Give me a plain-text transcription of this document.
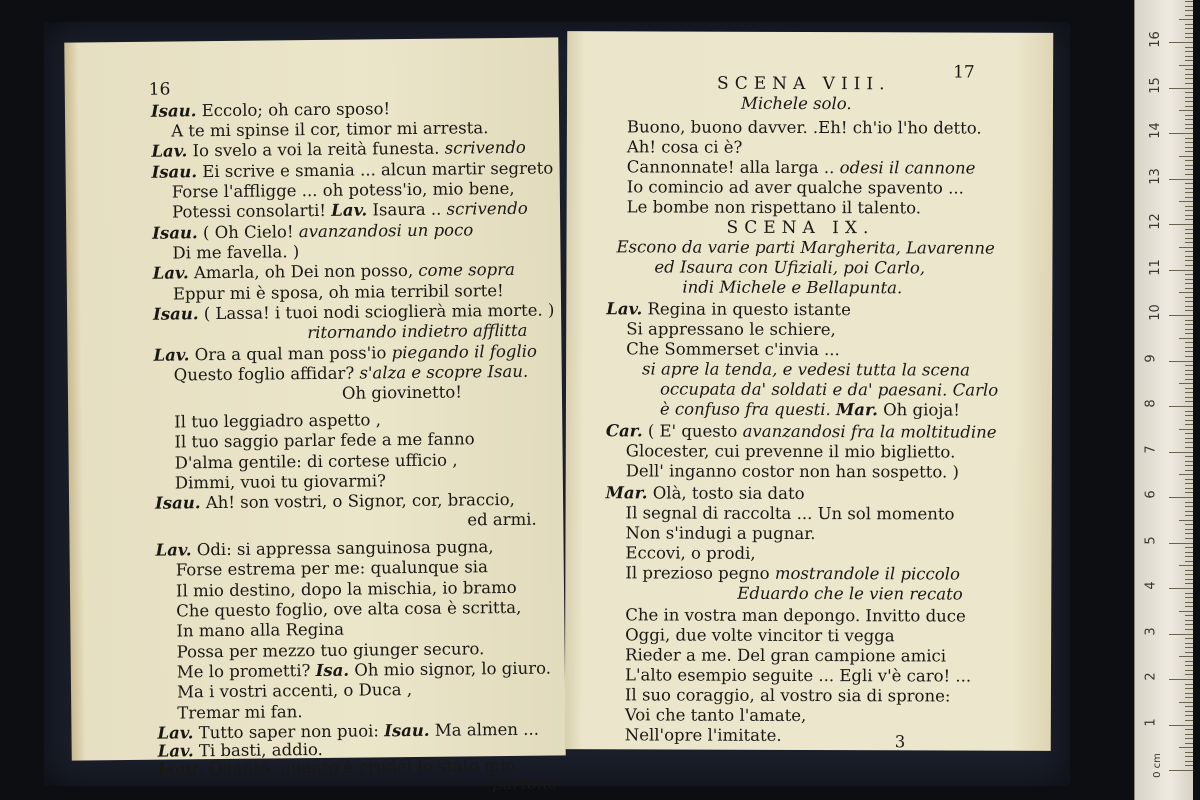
16
Isau. Eccolo; oh caro sposo!
A te mi spinse il cor, timor mi arresta.
Lav. Io svelo a voi la reità funesta. scrivendo
Isau. Ei scrive e smania ... alcun martir segreto
Forse l'affligge ... oh potess'io, mio bene,
Potessi consolarti! Lav. Isaura .. scrivendo
Isau. ( Oh Cielo! avanzandosi un poco
Di me favella. )
Lav. Amarla, oh Dei non posso, come sopra
Eppur mi è sposa, oh mia terribil sorte!
Isau. ( Lassa! i tuoi nodi scioglierà mia morte. )
ritornando indietro afflitta
Lav. Ora a qual man poss'io piegando il foglio
Questo foglio affidar? s'alza e scopre Isau.
Oh giovinetto!
Il tuo leggiadro aspetto ,
Il tuo saggio parlar fede a me fanno
D'alma gentile: di cortese ufficio ,
Dimmi, vuoi tu giovarmi?
Isau. Ah! son vostri, o Signor, cor, braccio,
ed armi.
Lav. Odi: si appressa sanguinosa pugna,
Forse estrema per me: qualunque sia
Il mio destino, dopo la mischia, io bramo
Che questo foglio, ove alta cosa è scritta,
In mano alla Regina
Possa per mezzo tuo giunger securo.
Me lo prometti? Isa. Oh mio signor, lo giuro.
Ma i vostri accenti, o Duca ,
Tremar mi fan.
Lav. Tutto saper non puoi: Isau. Ma almen ...
Lav. Ti basti, addio.
Isau. Quanto, quanto è crudel lo stato mio.
partono
17
SCENA VIII.
Michele solo.
Buono, buono davver. .Eh! ch'io l'ho detto.
Ah! cosa ci è?
Cannonnate! alla larga .. odesi il cannone
Io comincio ad aver qualche spavento ...
Le bombe non rispettano il talento.
SCENA IX.
Escono da varie parti Margherita, Lavarenne
ed Isaura con Ufiziali, poi Carlo,
indi Michele e Bellapunta.
Lav. Regina in questo istante
Si appressano le schiere,
Che Sommerset c'invia ...
si apre la tenda, e vedesi tutta la scena
occupata da' soldati e da' paesani. Carlo
è confuso fra questi. Mar. Oh gioja!
Car. ( E' questo avanzandosi fra la moltitudine
Glocester, cui prevenne il mio biglietto.
Dell' inganno costor non han sospetto. )
Mar. Olà, tosto sia dato
Il segnal di raccolta ... Un sol momento
Non s'indugi a pugnar.
Eccovi, o prodi,
Il prezioso pegno mostrandole il piccolo
Eduardo che le vien recato
Che in vostra man depongo. Invitto duce
Oggi, due volte vincitor ti vegga
Rieder a me. Del gran campione amici
L'alto esempio seguite ... Egli v'è caro! ...
Il suo coraggio, al vostro sia di sprone:
Voi che tanto l'amate,
Nell'opre l'imitate.	3
0 cm
1
2
3
4
5
6
7
8
9
10
11
12
13
14
15
16
